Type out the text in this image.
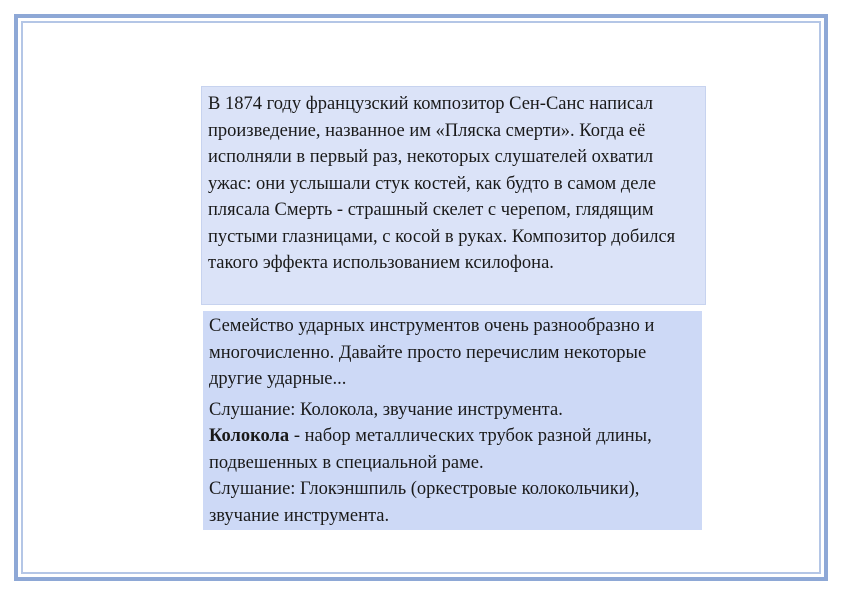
В 1874 году французский композитор Сен-Санс написал произведение, названное им «Пляска смерти». Когда её исполняли в первый раз, некоторых слушателей охватил ужас: они услышали стук костей, как будто в самом деле плясала Смерть - страшный скелет с черепом, глядящим пустыми глазницами, с косой в руках. Композитор добился такого эффекта использованием ксилофона.

Семейство ударных инструментов очень разнообразно и многочисленно. Давайте просто перечислим некоторые другие ударные...

Слушание: Колокола, звучание инструмента.
Колокола - набор металлических трубок разной длины, подвешенных в специальной раме.
Слушание: Глокэншпиль (оркестровые колокольчики), звучание инструмента.
